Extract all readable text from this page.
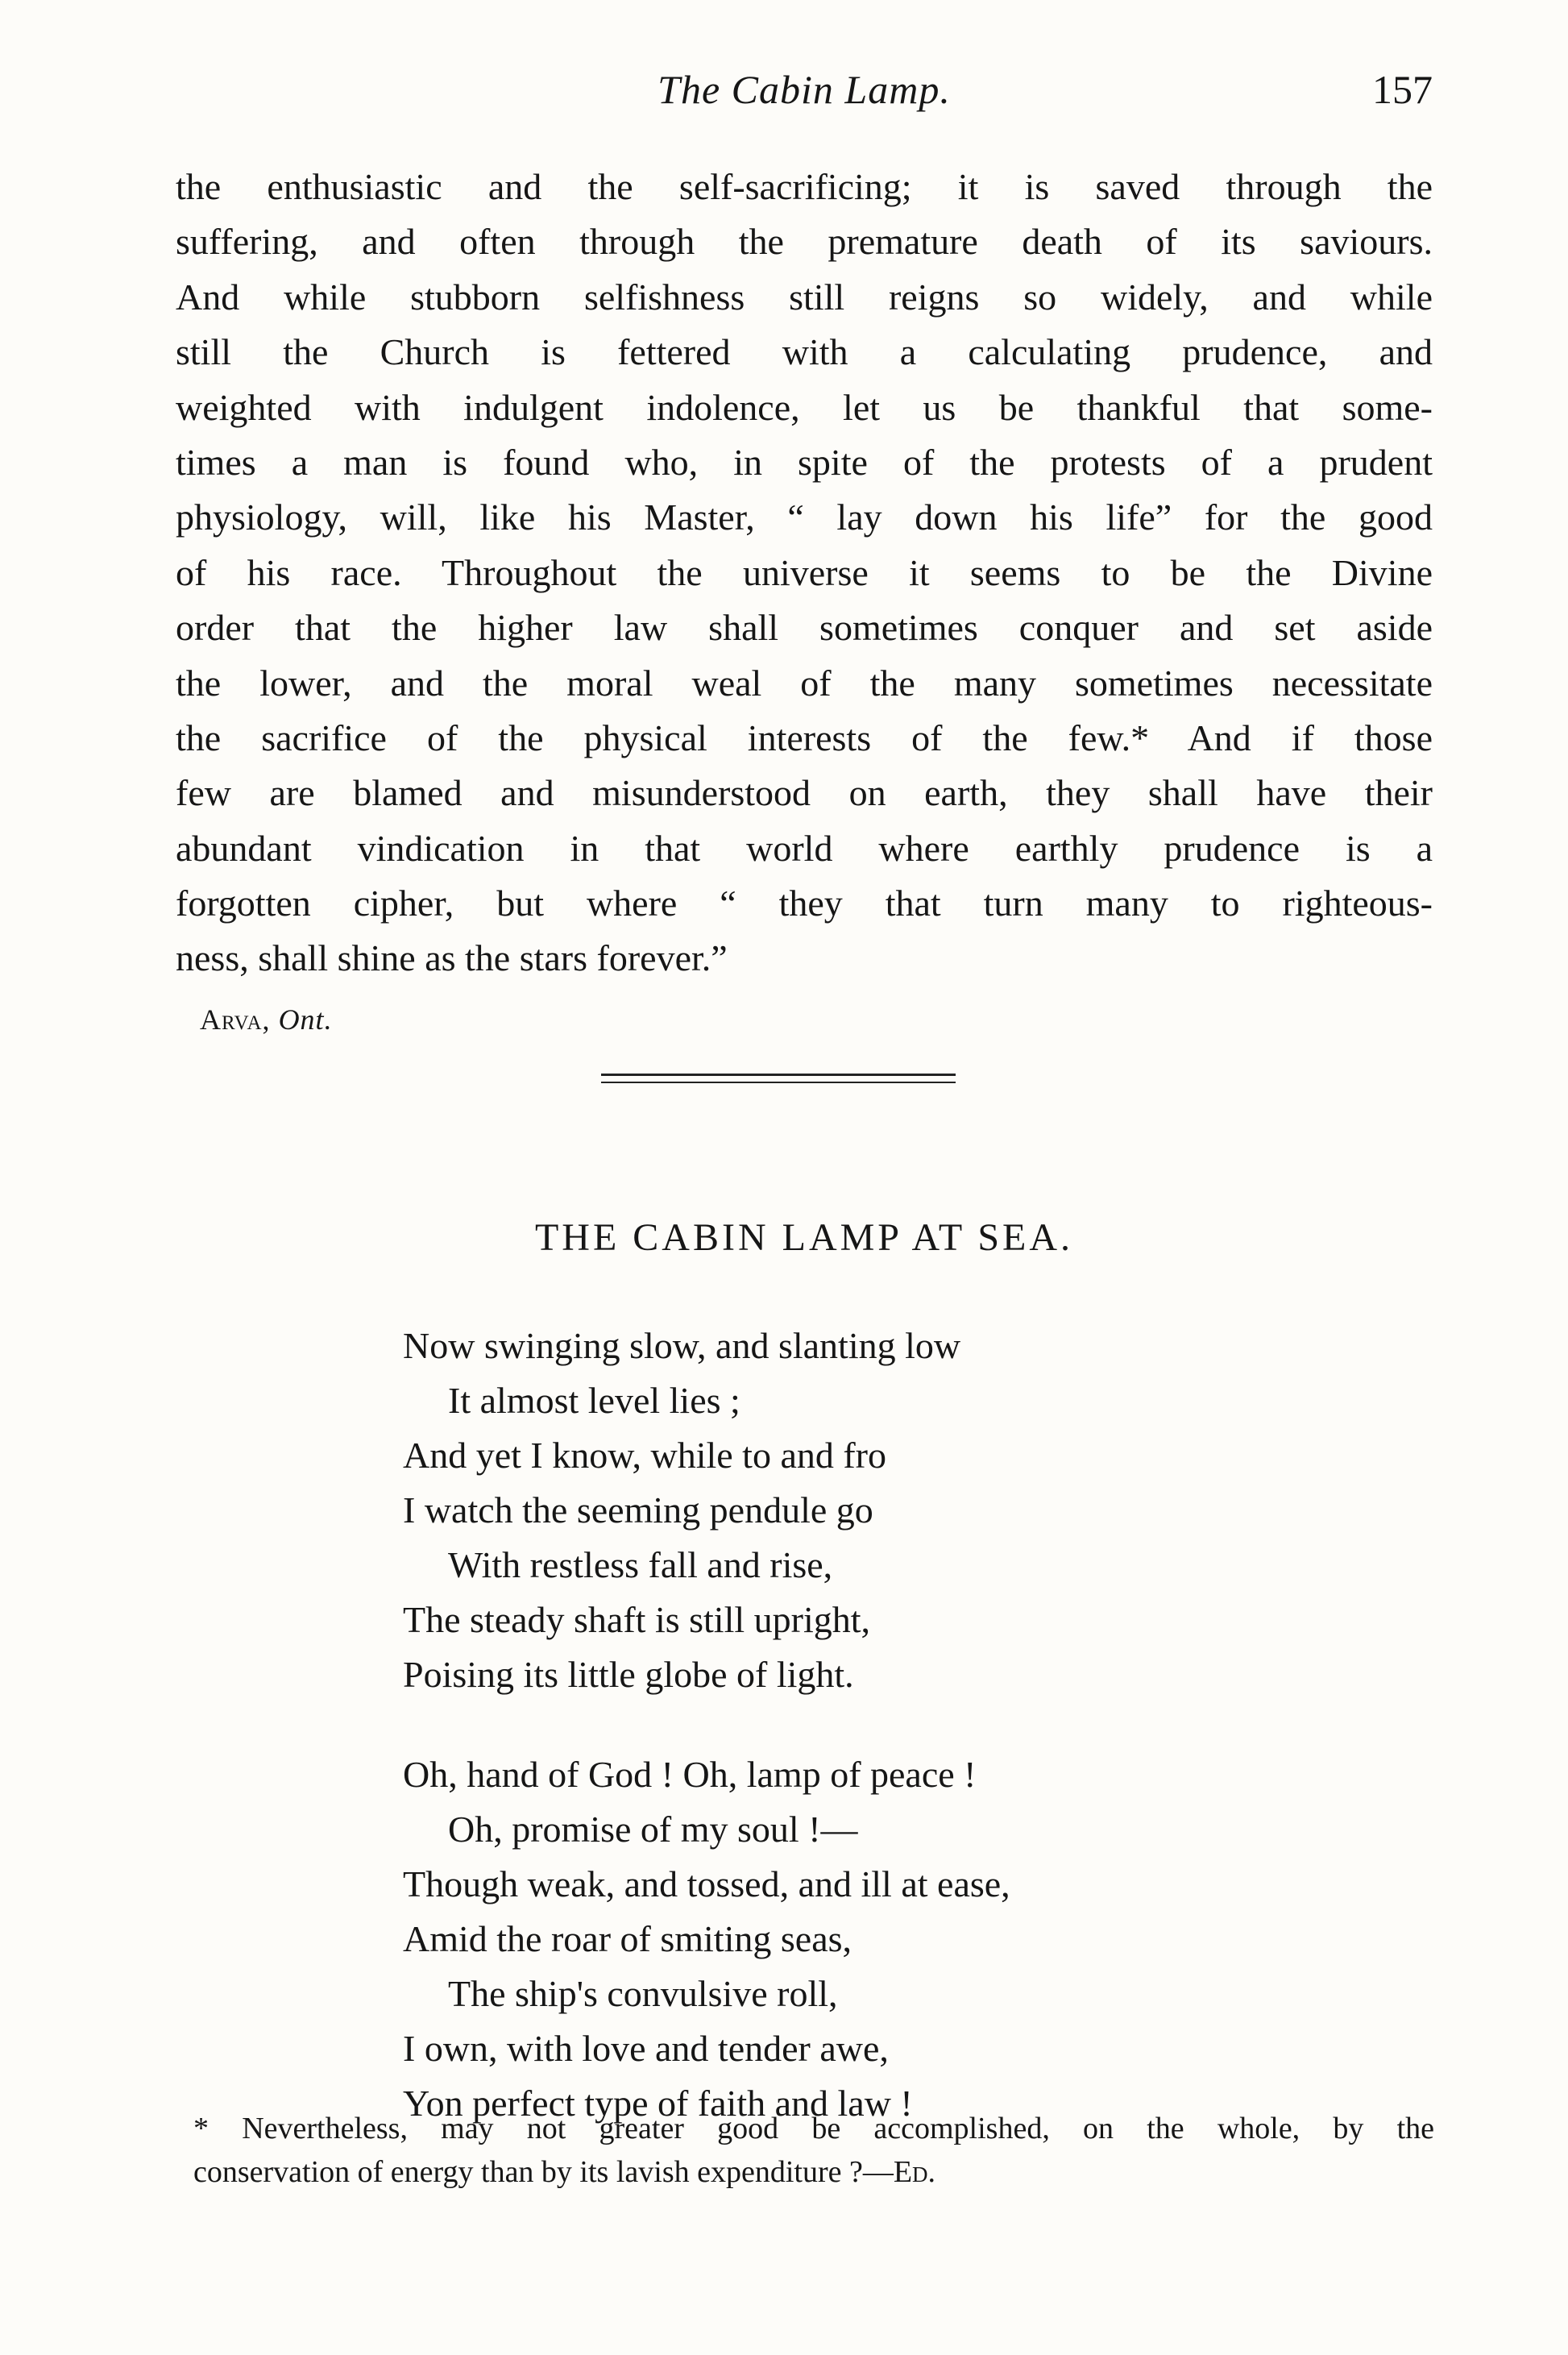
The Cabin Lamp.	157
the enthusiastic and the self-sacrificing; it is saved through the
suffering, and often through the premature death of its saviours.
And while stubborn selfishness still reigns so widely, and while
still the Church is fettered with a calculating prudence, and
weighted with indulgent indolence, let us be thankful that some-
times a man is found who, in spite of the protests of a prudent
physiology, will, like his Master, “ lay down his life” for the good
of his race. Throughout the universe it seems to be the Divine
order that the higher law shall sometimes conquer and set aside
the lower, and the moral weal of the many sometimes necessitate
the sacrifice of the physical interests of the few.* And if those
few are blamed and misunderstood on earth, they shall have their
abundant vindication in that world where earthly prudence is a
forgotten cipher, but where “ they that turn many to righteous-
ness, shall shine as the stars forever.”
Arva, Ont.
THE CABIN LAMP AT SEA.
Now swinging slow, and slanting low
It almost level lies ;
And yet I know, while to and fro
I watch the seeming pendule go
With restless fall and rise,
The steady shaft is still upright,
Poising its little globe of light.
Oh, hand of God ! Oh, lamp of peace !
Oh, promise of my soul !—
Though weak, and tossed, and ill at ease,
Amid the roar of smiting seas,
The ship's convulsive roll,
I own, with love and tender awe,
Yon perfect type of faith and law !
* Nevertheless, may not greater good be accomplished, on the whole, by the
conservation of energy than by its lavish expenditure ?—Ed.
